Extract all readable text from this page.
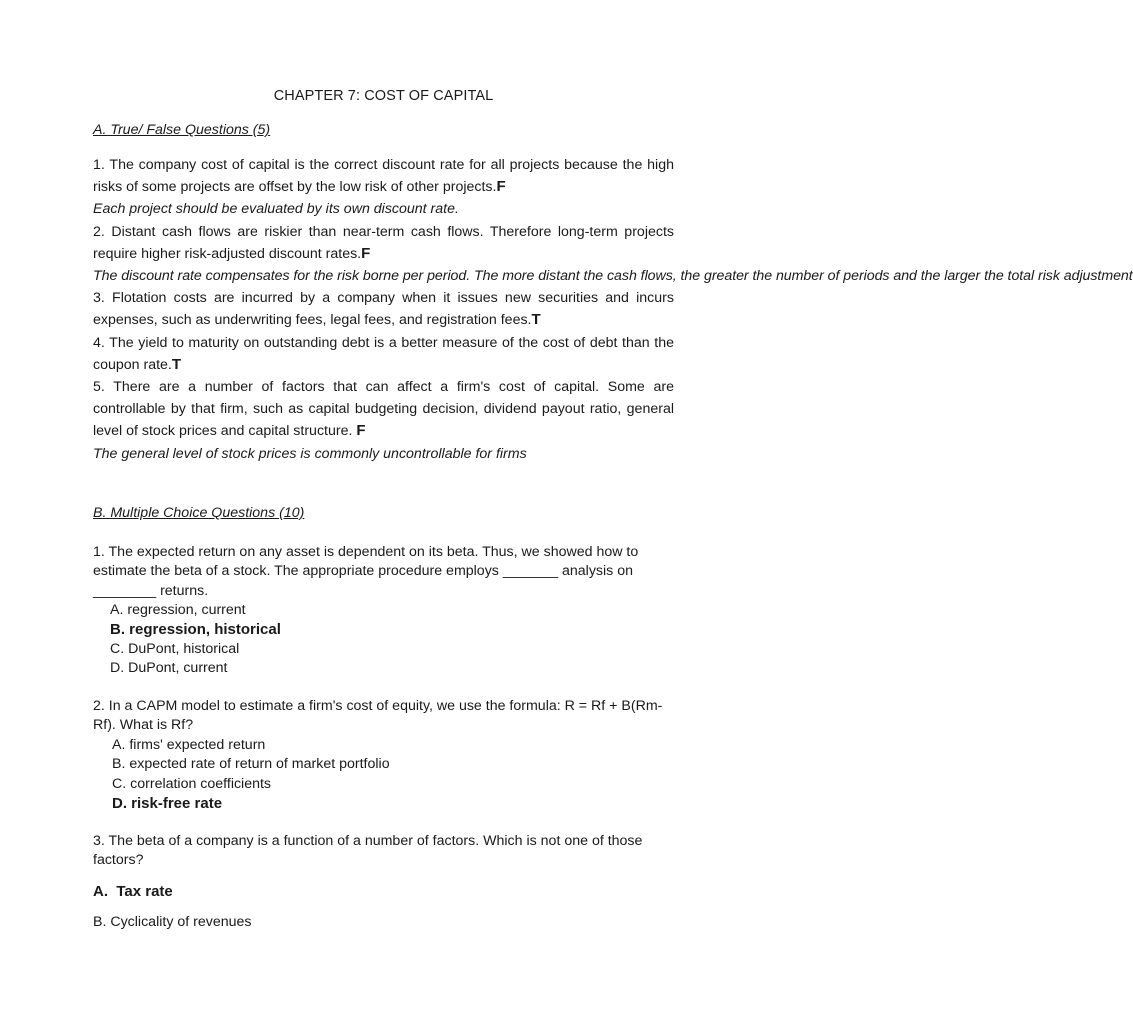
CHAPTER 7: COST OF CAPITAL

A. True/ False Questions (5)

1. The company cost of capital is the correct discount rate for all projects because the high risks of some projects are offset by the low risk of other projects.F

Each project should be evaluated by its own discount rate.

2. Distant cash flows are riskier than near-term cash flows. Therefore long-term projects require higher risk-adjusted discount rates.F

The discount rate compensates for the risk borne per period. The more distant the cash flows, the greater the number of periods and the larger the total risk adjustment

3. Flotation costs are incurred by a company when it issues new securities and incurs expenses, such as underwriting fees, legal fees, and registration fees.T

4. The yield to maturity on outstanding debt is a better measure of the cost of debt than the coupon rate.T

5. There are a number of factors that can affect a firm's cost of capital. Some are controllable by that firm, such as capital budgeting decision, dividend payout ratio, general level of stock prices and capital structure. F

The general level of stock prices is commonly uncontrollable for firms

B. Multiple Choice Questions (10)

1. The expected return on any asset is dependent on its beta. Thus, we showed how to estimate the beta of a stock. The appropriate procedure employs _______ analysis on ________ returns.

A. regression, current

B. regression, historical

C. DuPont, historical

D. DuPont, current

2. In a CAPM model to estimate a firm's cost of equity, we use the formula: R = Rf + B(Rm-Rf). What is Rf?

A. firms' expected return

B. expected rate of return of market portfolio

C. correlation coefficients

D. risk-free rate

3. The beta of a company is a function of a number of factors. Which is not one of those factors?

A.  Tax rate

B. Cyclicality of revenues
